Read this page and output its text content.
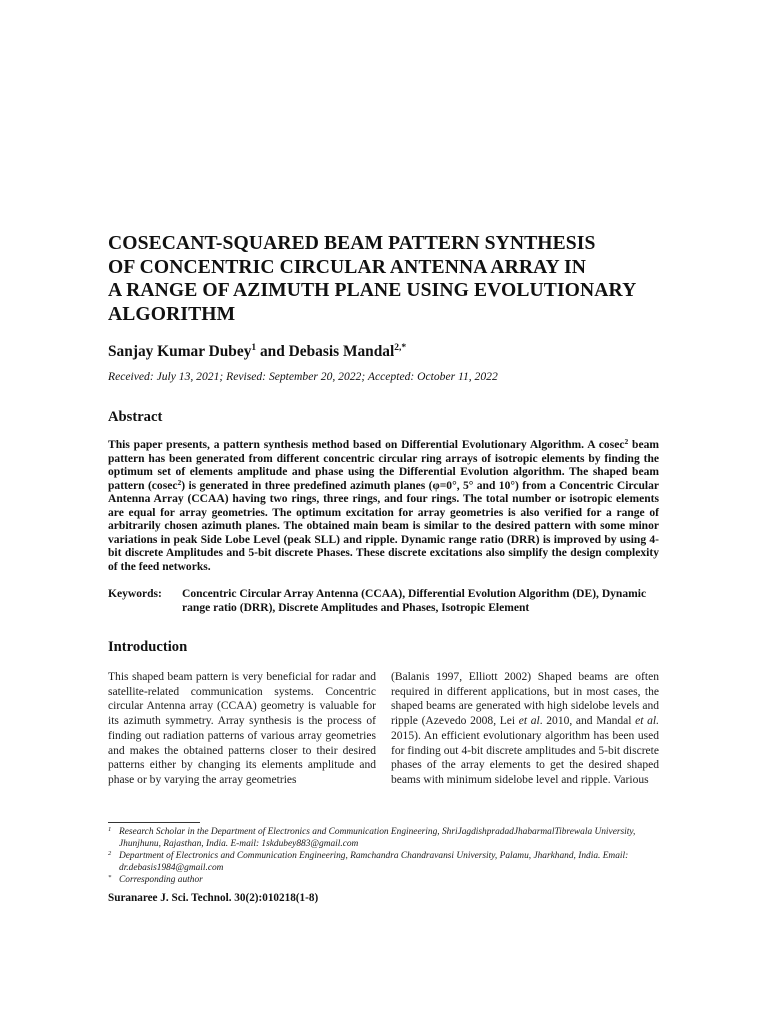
COSECANT-SQUARED BEAM PATTERN SYNTHESIS
OF CONCENTRIC CIRCULAR ANTENNA ARRAY IN
A RANGE OF AZIMUTH PLANE USING EVOLUTIONARY
ALGORITHM
Sanjay Kumar Dubey$^1$ and Debasis Mandal$^{2,*}$
Received: July 13, 2021; Revised: September 20, 2022; Accepted: October 11, 2022
Abstract

This paper presents, a pattern synthesis method based on Differential Evolutionary Algorithm. A cosec$^2$ beam pattern has been generated from different concentric circular ring arrays of isotropic elements by finding the optimum set of elements amplitude and phase using the Differential Evolution algorithm. The shaped beam pattern (cosec$^2$) is generated in three predefined azimuth planes (φ=0°, 5° and 10°) from a Concentric Circular Antenna Array (CCAA) having two rings, three rings, and four rings. The total number or isotropic elements are equal for array geometries. The optimum excitation for array geometries is also verified for a range of arbitrarily chosen azimuth planes. The obtained main beam is similar to the desired pattern with some minor variations in peak Side Lobe Level (peak SLL) and ripple. Dynamic range ratio (DRR) is improved by using 4-bit discrete Amplitudes and 5-bit discrete Phases. These discrete excitations also simplify the design complexity of the feed networks.

Keywords:	Concentric Circular Array Antenna (CCAA), Differential Evolution Algorithm (DE), Dynamic range ratio (DRR), Discrete Amplitudes and Phases, Isotropic Element
Introduction

This shaped beam pattern is very beneficial for radar and satellite-related communication systems. Concentric circular Antenna array (CCAA) geometry is valuable for its azimuth symmetry. Array synthesis is the process of finding out radiation patterns of various array geometries and makes the obtained patterns closer to their desired patterns either by changing its elements amplitude and phase or by varying the array geometries

(Balanis 1997, Elliott 2002) Shaped beams are often required in different applications, but in most cases, the shaped beams are generated with high sidelobe levels and ripple (Azevedo 2008, Lei et al. 2010, and Mandal et al. 2015). An efficient evolutionary algorithm has been used for finding out 4-bit discrete amplitudes and 5-bit discrete phases of the array elements to get the desired shaped beams with minimum sidelobe level and ripple. Various

1 Research Scholar in the Department of Electronics and Communication Engineering, ShriJagdishpradadJhabarmalTibrewala University, Jhunjhunu, Rajasthan, India. E-mail: 1skdubey883@gmail.com
2 Department of Electronics and Communication Engineering, Ramchandra Chandravansi University, Palamu, Jharkhand, India. Email: dr.debasis1984@gmail.com
* Corresponding author
Suranaree J. Sci. Technol. 30(2):010218(1-8)
